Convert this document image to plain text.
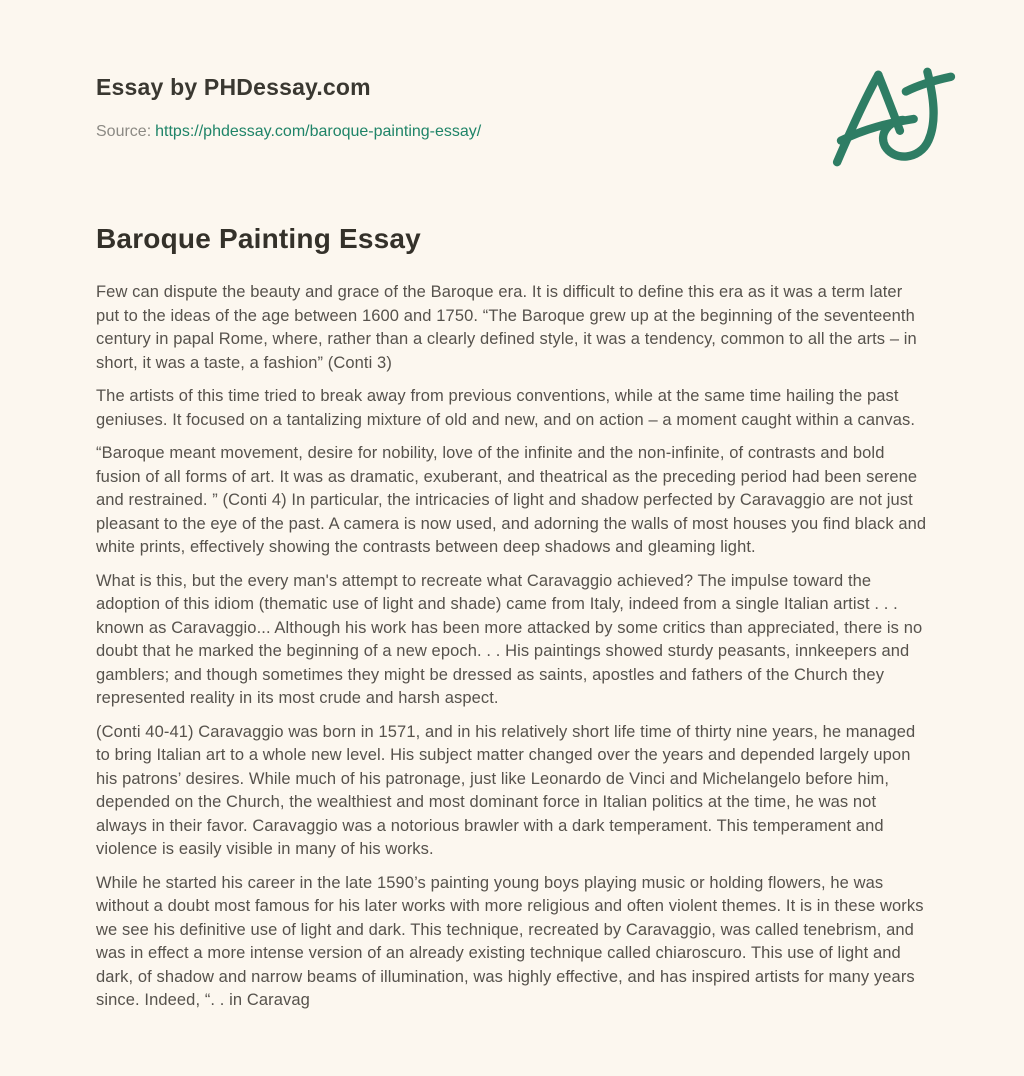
Essay by PHDessay.com
Source: https://phdessay.com/baroque-painting-essay/
Baroque Painting Essay

Few can dispute the beauty and grace of the Baroque era. It is difficult to define this era as it was a term later put to the ideas of the age between 1600 and 1750. “The Baroque grew up at the beginning of the seventeenth century in papal Rome, where, rather than a clearly defined style, it was a tendency, common to all the arts – in short, it was a taste, a fashion” (Conti 3)

The artists of this time tried to break away from previous conventions, while at the same time hailing the past geniuses. It focused on a tantalizing mixture of old and new, and on action – a moment caught within a canvas.

“Baroque meant movement, desire for nobility, love of the infinite and the non-infinite, of contrasts and bold fusion of all forms of art. It was as dramatic, exuberant, and theatrical as the preceding period had been serene and restrained. ” (Conti 4) In particular, the intricacies of light and shadow perfected by Caravaggio are not just pleasant to the eye of the past. A camera is now used, and adorning the walls of most houses you find black and white prints, effectively showing the contrasts between deep shadows and gleaming light.

What is this, but the every man's attempt to recreate what Caravaggio achieved? The impulse toward the adoption of this idiom (thematic use of light and shade) came from Italy, indeed from a single Italian artist . . . known as Caravaggio... Although his work has been more attacked by some critics than appreciated, there is no doubt that he marked the beginning of a new epoch. . . His paintings showed sturdy peasants, innkeepers and gamblers; and though sometimes they might be dressed as saints, apostles and fathers of the Church they represented reality in its most crude and harsh aspect.

(Conti 40-41) Caravaggio was born in 1571, and in his relatively short life time of thirty nine years, he managed to bring Italian art to a whole new level. His subject matter changed over the years and depended largely upon his patrons’ desires. While much of his patronage, just like Leonardo de Vinci and Michelangelo before him, depended on the Church, the wealthiest and most dominant force in Italian politics at the time, he was not always in their favor. Caravaggio was a notorious brawler with a dark temperament. This temperament and violence is easily visible in many of his works.

While he started his career in the late 1590’s painting young boys playing music or holding flowers, he was without a doubt most famous for his later works with more religious and often violent themes. It is in these works we see his definitive use of light and dark. This technique, recreated by Caravaggio, was called tenebrism, and was in effect a more intense version of an already existing technique called chiaroscuro. This use of light and dark, of shadow and narrow beams of illumination, was highly effective, and has inspired artists for many years since. Indeed, “. . in Caravag
